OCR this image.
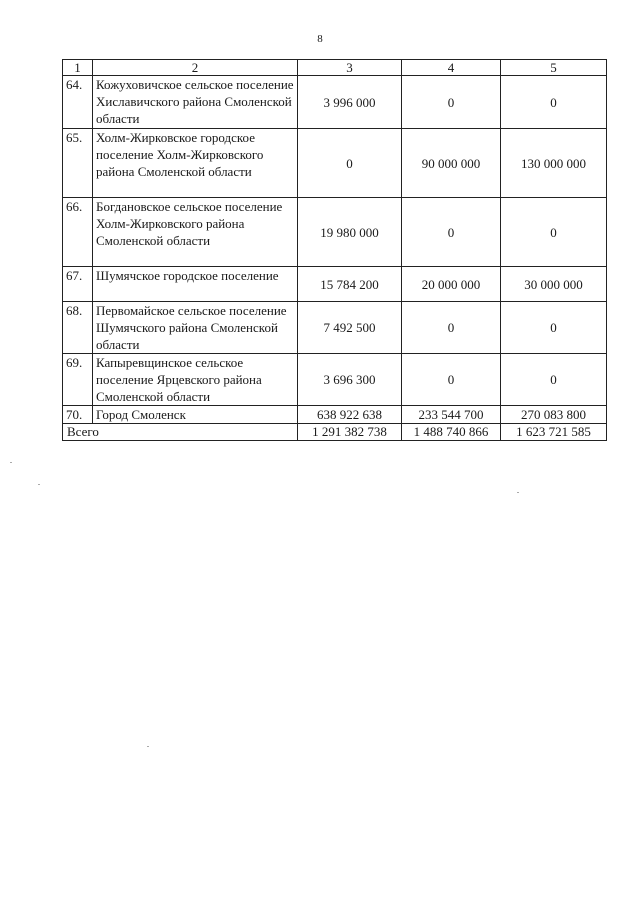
8
1	2	3	4	5
64.	Кожуховичское сельское поселение Хиславичского района Смоленской области	3 996 000	0	0
65.	Холм-Жирковское городское поселение Холм-Жирковского района Смоленской области	0	90 000 000	130 000 000
66.	Богдановское сельское поселение Холм-Жирковского района Смоленской области	19 980 000	0	0
67.	Шумячское городское поселение	15 784 200	20 000 000	30 000 000
68.	Первомайское сельское поселение Шумячского района Смоленской области	7 492 500	0	0
69.	Капыревщинское сельское поселение Ярцевского района Смоленской области	3 696 300	0	0
70.	Город Смоленск	638 922 638	233 544 700	270 083 800
Всего		1 291 382 738	1 488 740 866	1 623 721 585
